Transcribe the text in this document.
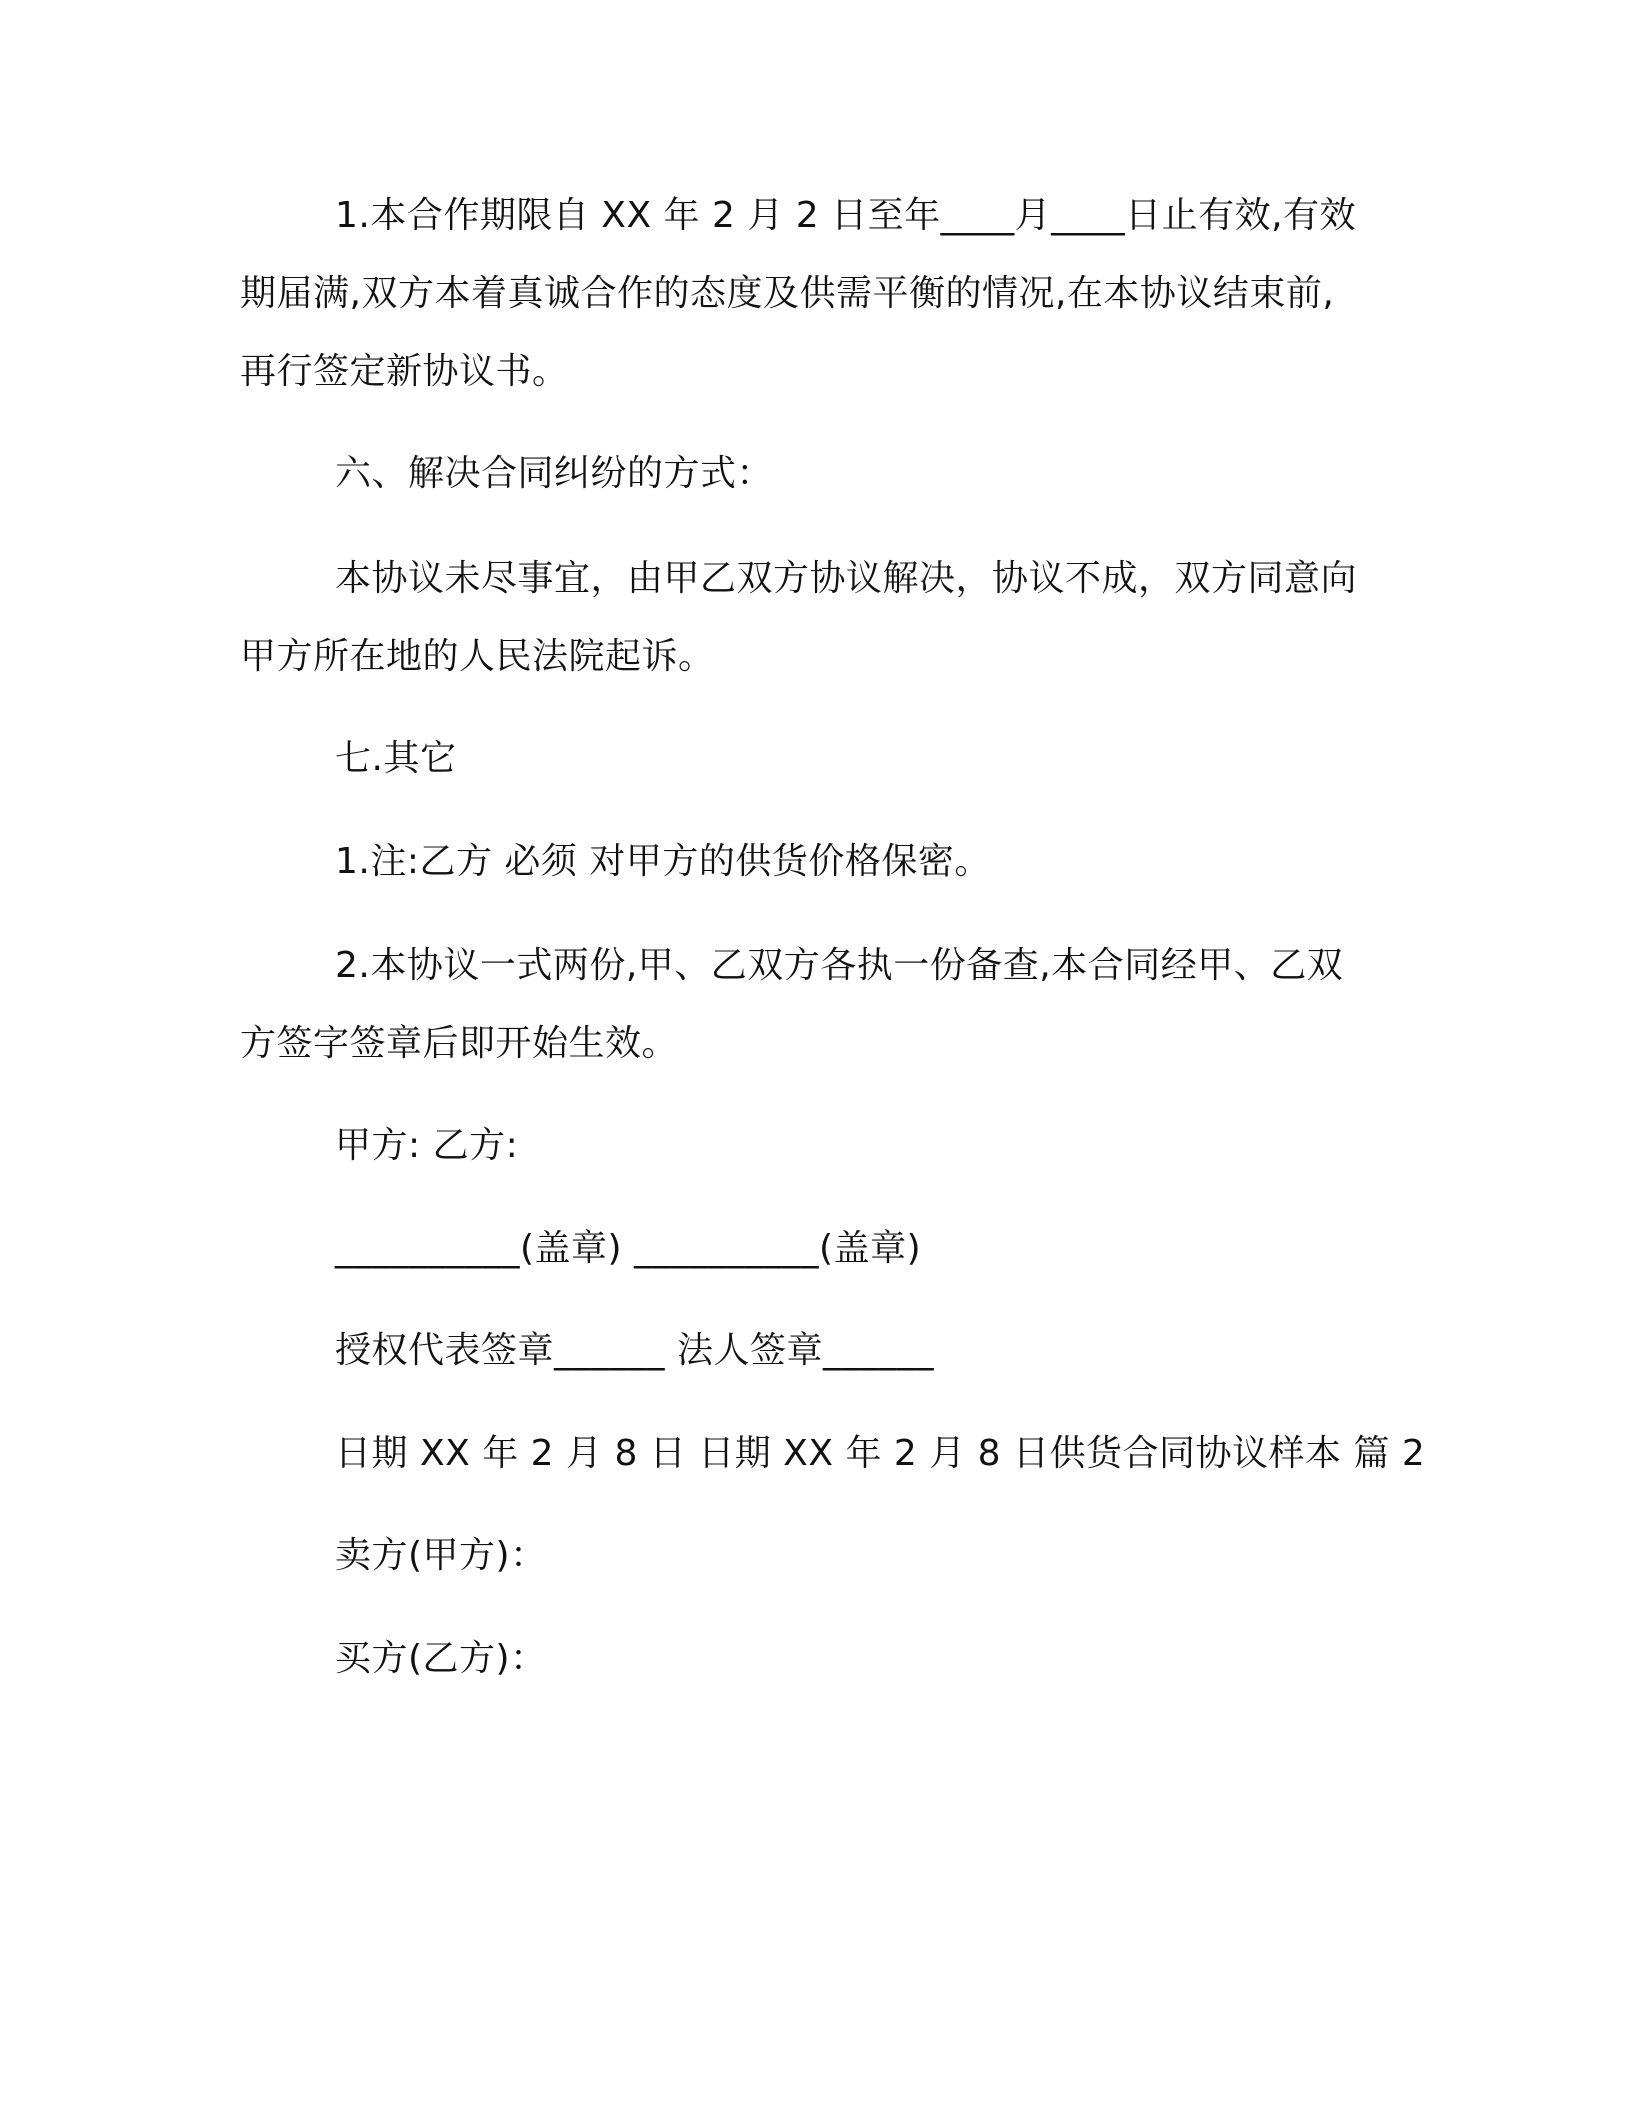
1.本合作期限自 XX 年 2 月 2 日至年____月____日止有效,有效
期届满,双方本着真诚合作的态度及供需平衡的情况,在本协议结束前,
再行签定新协议书。
六、解决合同纠纷的方式：
本协议未尽事宜，由甲乙双方协议解决，协议不成，双方同意向
甲方所在地的人民法院起诉。
七.其它
1.注:乙方 必须 对甲方的供货价格保密。
2.本协议一式两份,甲、乙双方各执一份备查,本合同经甲、乙双
方签字签章后即开始生效。
甲方: 乙方:
__________(盖章) __________(盖章)
授权代表签章______ 法人签章______
日期 XX 年 2 月 8 日 日期 XX 年 2 月 8 日供货合同协议样本 篇 2
卖方(甲方)：
买方(乙方)：
